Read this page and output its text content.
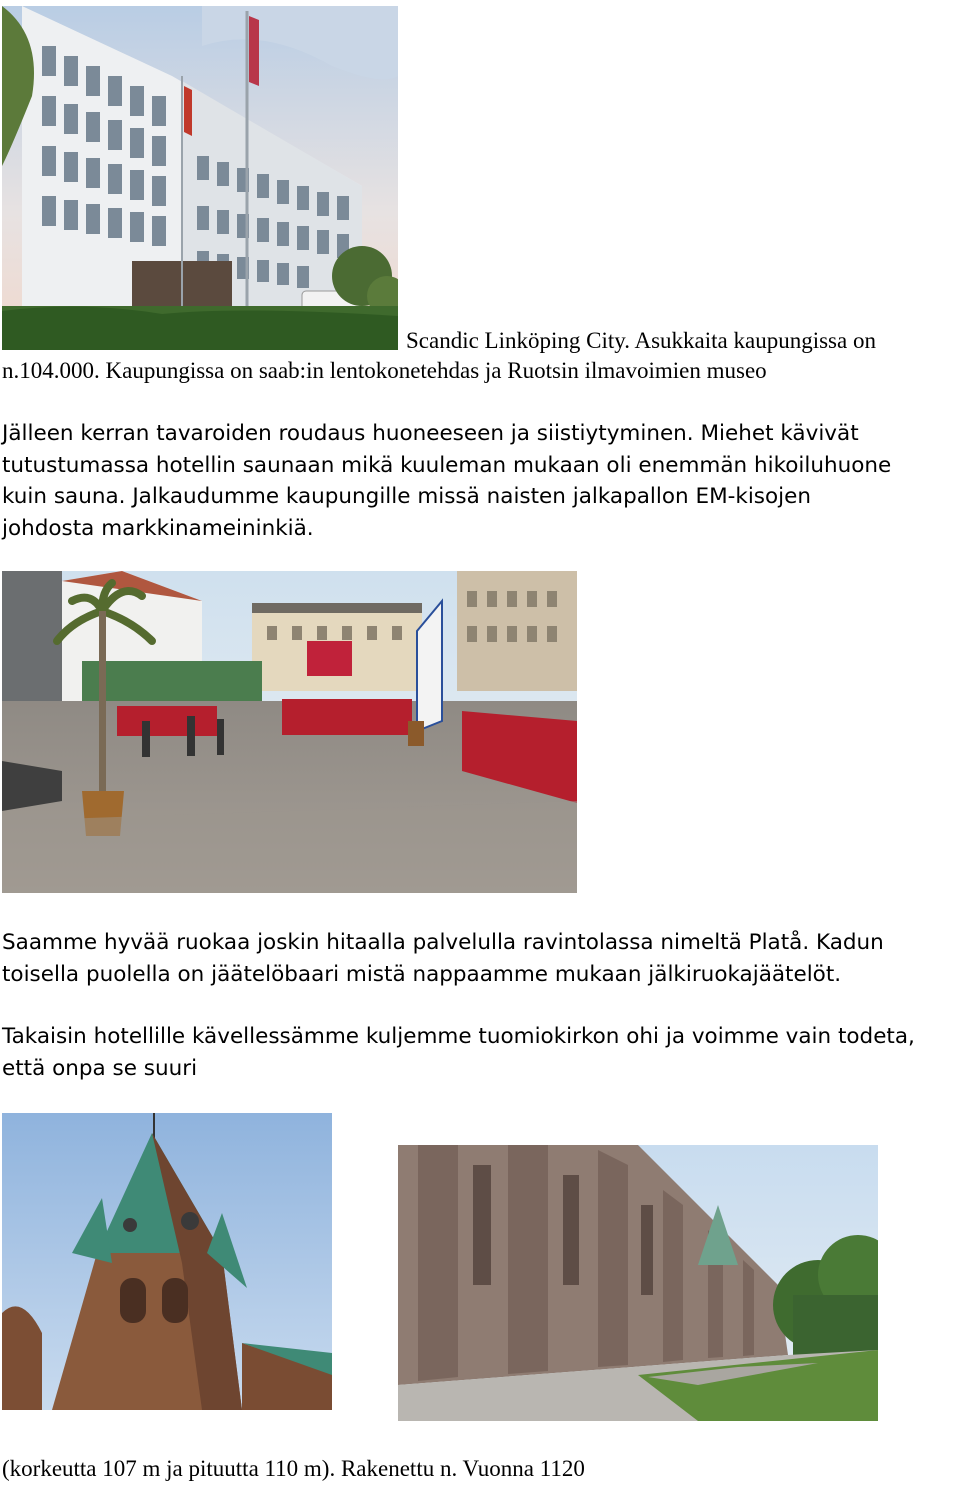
Scandic Linköping City. Asukkaita kaupungissa on
n.104.000. Kaupungissa on saab:in lentokonetehdas ja Ruotsin ilmavoimien museo
Jälleen kerran tavaroiden roudaus huoneeseen ja siistiytyminen. Miehet kävivät
tutustumassa hotellin saunaan mikä kuuleman mukaan oli enemmän hikoiluhuone
kuin sauna. Jalkaudumme kaupungille missä naisten jalkapallon EM-kisojen
johdosta markkinameininkiä.
Saamme hyvää ruokaa joskin hitaalla palvelulla ravintolassa nimeltä Platå. Kadun
toisella puolella on jäätelöbaari mistä nappaamme mukaan jälkiruokajäätelöt.
Takaisin hotellille kävellessämme kuljemme tuomiokirkon ohi ja voimme vain todeta,
että onpa se suuri
(korkeutta 107 m ja pituutta 110 m). Rakenettu n. Vuonna 1120
